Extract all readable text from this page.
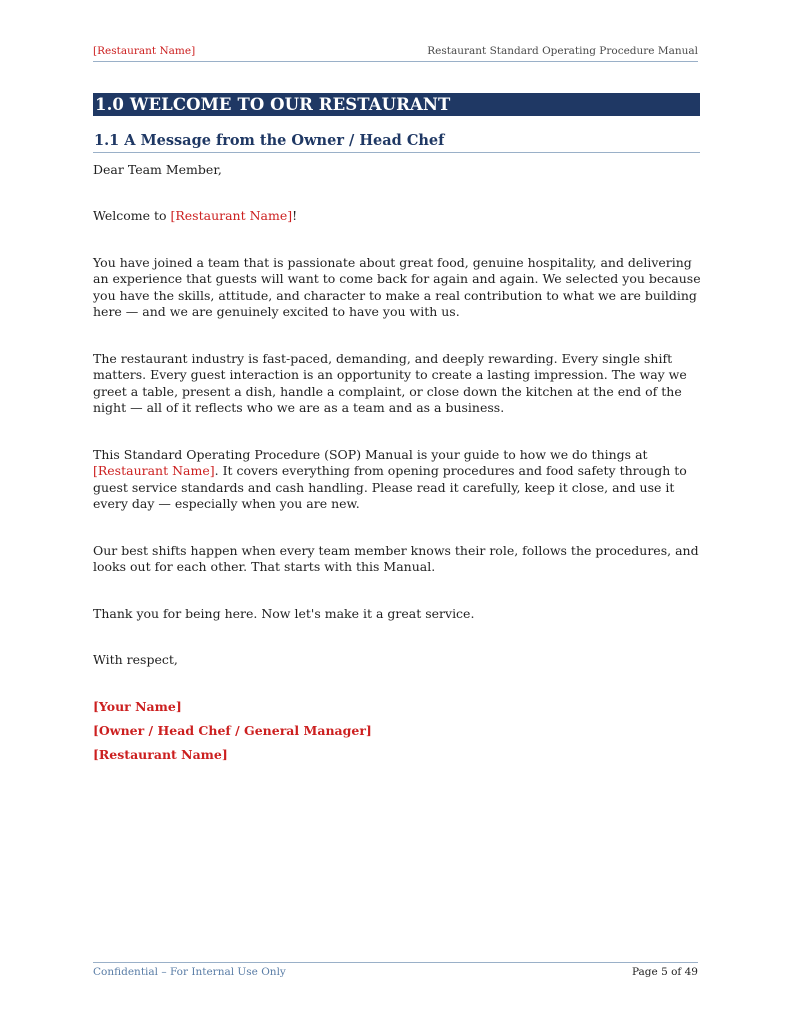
[Restaurant Name]	Restaurant Standard Operating Procedure Manual
1.0 WELCOME TO OUR RESTAURANT
1.1 A Message from the Owner / Head Chef

Dear Team Member,

Welcome to [Restaurant Name]!

You have joined a team that is passionate about great food, genuine hospitality, and delivering an experience that guests will want to come back for again and again. We selected you because you have the skills, attitude, and character to make a real contribution to what we are building here — and we are genuinely excited to have you with us.

The restaurant industry is fast-paced, demanding, and deeply rewarding. Every single shift matters. Every guest interaction is an opportunity to create a lasting impression. The way we greet a table, present a dish, handle a complaint, or close down the kitchen at the end of the night — all of it reflects who we are as a team and as a business.

This Standard Operating Procedure (SOP) Manual is your guide to how we do things at [Restaurant Name]. It covers everything from opening procedures and food safety through to guest service standards and cash handling. Please read it carefully, keep it close, and use it every day — especially when you are new.

Our best shifts happen when every team member knows their role, follows the procedures, and looks out for each other. That starts with this Manual.

Thank you for being here. Now let's make it a great service.

With respect,

[Your Name]

[Owner / Head Chef / General Manager]

[Restaurant Name]

Confidential – For Internal Use Only	Page 5 of 49
